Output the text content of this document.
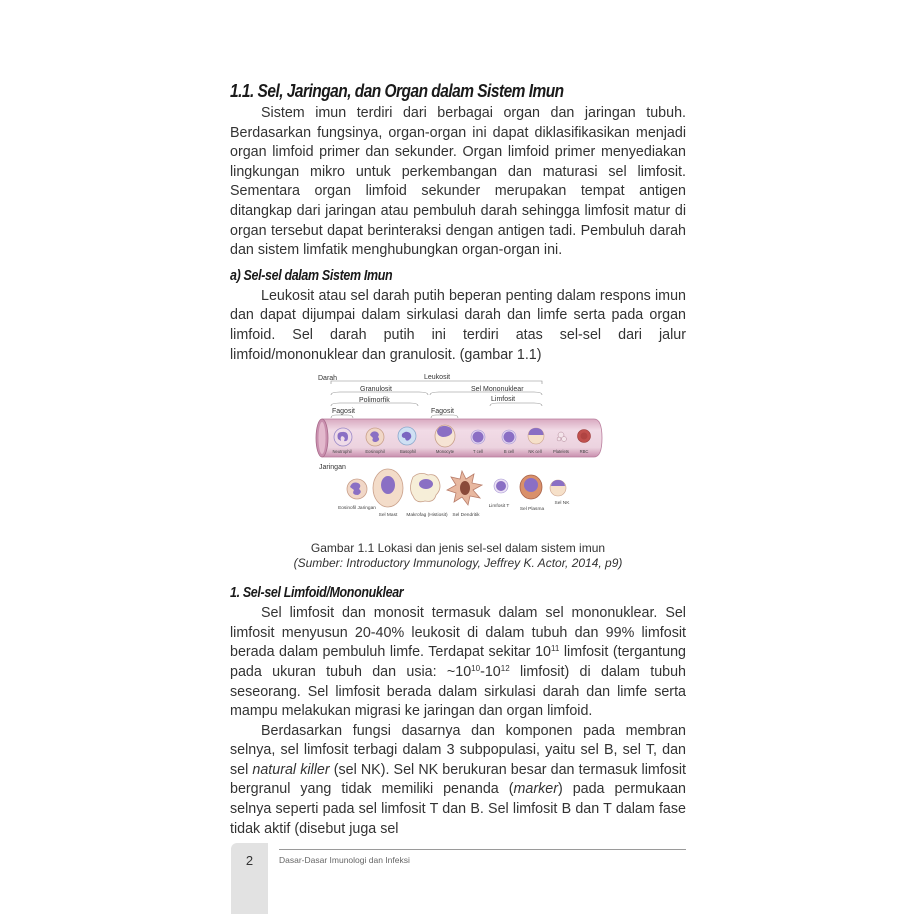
1.1. Sel, Jaringan, dan Organ dalam Sistem Imun

Sistem imun terdiri dari berbagai organ dan jaringan tubuh. Berdasarkan fungsinya, organ-organ ini dapat diklasifikasikan menjadi organ limfoid primer dan sekunder. Organ limfoid primer menyediakan lingkungan mikro untuk perkembangan dan maturasi sel limfosit. Sementara organ limfoid sekunder merupakan tempat antigen ditangkap dari jaringan atau pembuluh darah sehingga limfosit matur di organ tersebut dapat berinteraksi dengan antigen tadi. Pembuluh darah dan sistem limfatik menghubungkan organ-organ ini.

a) Sel-sel dalam Sistem Imun

Leukosit atau sel darah putih beperan penting dalam respons imun dan dapat dijumpai dalam sirkulasi darah dan limfe serta pada organ limfoid. Sel darah putih ini terdiri atas sel-sel dari jalur limfoid/mononuklear dan granulosit. (gambar 1.1)

Darah	Leukosit
Granulosit	Sel Mononuklear
Polimorfik	Limfosit
Fagosit	Fagosit
Neutrophil	Eosinophil	Basophil	Monocyte	T cell	B cell	NK cell	Platelets	RBC
Jaringan
Eosinofil Jaringan
Sel Mast Makrofag (Histiosit) Sel Dendritik
Limfosit T
Sel Plasma
Sel NK
Gambar 1.1 Lokasi dan jenis sel-sel dalam sistem imun
(Sumber: Introductory Immunology, Jeffrey K. Actor, 2014, p9)
1. Sel-sel Limfoid/Mononuklear

Sel limfosit dan monosit termasuk dalam sel mononuklear. Sel limfosit menyusun 20-40% leukosit di dalam tubuh dan 99% limfosit berada dalam pembuluh limfe. Terdapat sekitar $10^{11}$ limfosit (tergantung pada ukuran tubuh dan usia: $\sim 10^{10}-10^{12}$ limfosit) di dalam tubuh seseorang. Sel limfosit berada dalam sirkulasi darah dan limfe serta mampu melakukan migrasi ke jaringan dan organ limfoid.

Berdasarkan fungsi dasarnya dan komponen pada membran selnya, sel limfosit terbagi dalam 3 subpopulasi, yaitu sel B, sel T, dan sel natural killer (sel NK). Sel NK berukuran besar dan termasuk limfosit bergranul yang tidak memiliki penanda (marker) pada permukaan selnya seperti pada sel limfosit T dan B. Sel limfosit B dan T dalam fase tidak aktif (disebut juga sel

2	Dasar-Dasar Imunologi dan Infeksi
